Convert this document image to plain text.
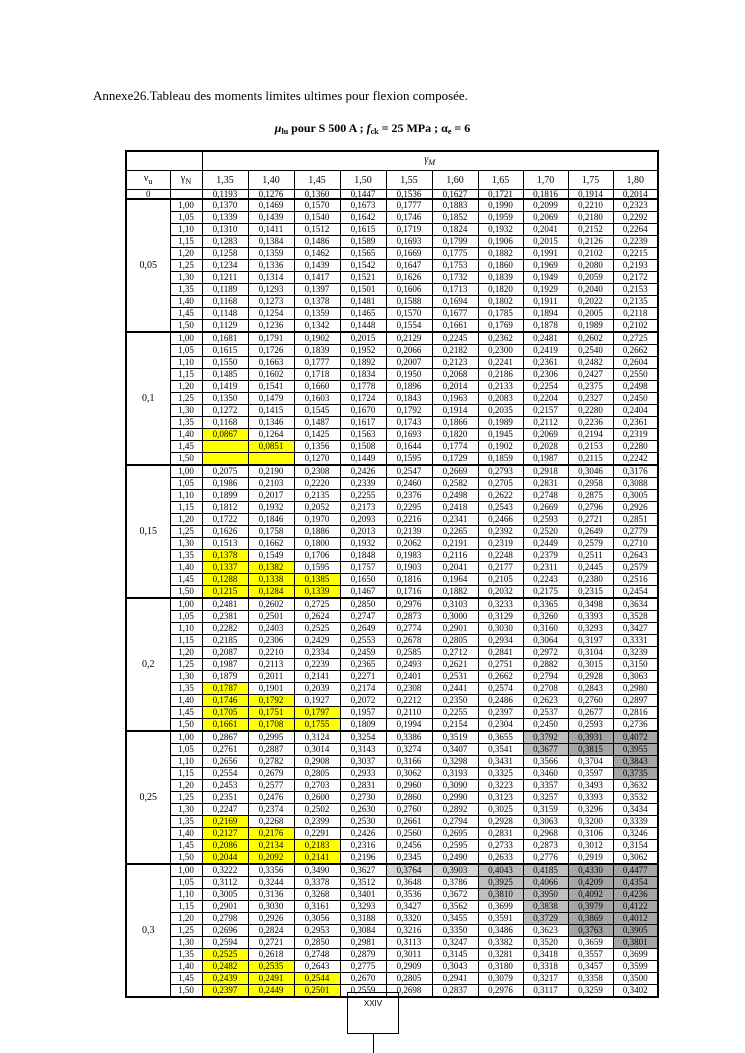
Annexe26.Tableau des moments limites ultimes pour flexion composée.
$\mu_{lu}$ pour S 500 A ; $f_{ck} = 25$ MPa ; $\alpha_e = 6$
		$\gamma_M$
$\nu_u$	$\gamma_N$	1,35	1,40	1,45	1,50	1,55	1,60	1,65	1,70	1,75	1,80
0		0,1193	0,1276	0,1360	0,1447	0,1536	0,1627	0,1721	0,1816	0,1914	0,2014
0,05	1,00	0,1370	0,1469	0,1570	0,1673	0,1777	0,1883	0,1990	0,2099	0,2210	0,2323
	1,05	0,1339	0,1439	0,1540	0,1642	0,1746	0,1852	0,1959	0,2069	0,2180	0,2292
	1,10	0,1310	0,1411	0,1512	0,1615	0,1719	0,1824	0,1932	0,2041	0,2152	0,2264
	1,15	0,1283	0,1384	0,1486	0,1589	0,1693	0,1799	0,1906	0,2015	0,2126	0,2239
	1,20	0,1258	0,1359	0,1462	0,1565	0,1669	0,1775	0,1882	0,1991	0,2102	0,2215
	1,25	0,1234	0,1336	0,1439	0,1542	0,1647	0,1753	0,1860	0,1969	0,2080	0,2193
	1,30	0,1211	0,1314	0,1417	0,1521	0,1626	0,1732	0,1839	0,1949	0,2059	0,2172
	1,35	0,1189	0,1293	0,1397	0,1501	0,1606	0,1713	0,1820	0,1929	0,2040	0,2153
	1,40	0,1168	0,1273	0,1378	0,1481	0,1588	0,1694	0,1802	0,1911	0,2022	0,2135
	1,45	0,1148	0,1254	0,1359	0,1465	0,1570	0,1677	0,1785	0,1894	0,2005	0,2118
	1,50	0,1129	0,1236	0,1342	0,1448	0,1554	0,1661	0,1769	0,1878	0,1989	0,2102
0,1	1,00	0,1681	0,1791	0,1902	0,2015	0,2129	0,2245	0,2362	0,2481	0,2602	0,2725
	1,05	0,1615	0,1726	0,1839	0,1952	0,2066	0,2182	0,2300	0,2419	0,2540	0,2662
	1,10	0,1550	0,1663	0,1777	0,1892	0,2007	0,2123	0,2241	0,2361	0,2482	0,2604
	1,15	0,1485	0,1602	0,1718	0,1834	0,1950	0,2068	0,2186	0,2306	0,2427	0,2550
	1,20	0,1419	0,1541	0,1660	0,1778	0,1896	0,2014	0,2133	0,2254	0,2375	0,2498
	1,25	0,1350	0,1479	0,1603	0,1724	0,1843	0,1963	0,2083	0,2204	0,2327	0,2450
	1,30	0,1272	0,1415	0,1545	0,1670	0,1792	0,1914	0,2035	0,2157	0,2280	0,2404
	1,35	0,1168	0,1346	0,1487	0,1617	0,1743	0,1866	0,1989	0,2112	0,2236	0,2361
	1,40	0,0867	0,1264	0,1425	0,1563	0,1693	0,1820	0,1945	0,2069	0,2194	0,2319
	1,45		0,0851	0,1356	0,1508	0,1644	0,1774	0,1902	0,2028	0,2153	0,2280
	1,50			0,1270	0,1449	0,1595	0,1729	0,1859	0,1987	0,2115	0,2242
0,15	1,00	0,2075	0,2190	0,2308	0,2426	0,2547	0,2669	0,2793	0,2918	0,3046	0,3176
	1,05	0,1986	0,2103	0,2220	0,2339	0,2460	0,2582	0,2705	0,2831	0,2958	0,3088
	1,10	0,1899	0,2017	0,2135	0,2255	0,2376	0,2498	0,2622	0,2748	0,2875	0,3005
	1,15	0,1812	0,1932	0,2052	0,2173	0,2295	0,2418	0,2543	0,2669	0,2796	0,2926
	1,20	0,1722	0,1846	0,1970	0,2093	0,2216	0,2341	0,2466	0,2593	0,2721	0,2851
	1,25	0,1626	0,1758	0,1886	0,2013	0,2139	0,2265	0,2392	0,2520	0,2649	0,2779
	1,30	0,1513	0,1662	0,1800	0,1932	0,2062	0,2191	0,2319	0,2449	0,2579	0,2710
	1,35	0,1378	0,1549	0,1706	0,1848	0,1983	0,2116	0,2248	0,2379	0,2511	0,2643
	1,40	0,1337	0,1382	0,1595	0,1757	0,1903	0,2041	0,2177	0,2311	0,2445	0,2579
	1,45	0,1288	0,1338	0,1385	0,1650	0,1816	0,1964	0,2105	0,2243	0,2380	0,2516
	1,50	0,1215	0,1284	0,1339	0,1467	0,1716	0,1882	0,2032	0,2175	0,2315	0,2454
0,2	1,00	0,2481	0,2602	0,2725	0,2850	0,2976	0,3103	0,3233	0,3365	0,3498	0,3634
	1,05	0,2381	0,2501	0,2624	0,2747	0,2873	0,3000	0,3129	0,3260	0,3393	0,3528
	1,10	0,2282	0,2403	0,2525	0,2649	0,2774	0,2901	0,3030	0,3160	0,3293	0,3427
	1,15	0,2185	0,2306	0,2429	0,2553	0,2678	0,2805	0,2934	0,3064	0,3197	0,3331
	1,20	0,2087	0,2210	0,2334	0,2459	0,2585	0,2712	0,2841	0,2972	0,3104	0,3239
	1,25	0,1987	0,2113	0,2239	0,2365	0,2493	0,2621	0,2751	0,2882	0,3015	0,3150
	1,30	0,1879	0,2011	0,2141	0,2271	0,2401	0,2531	0,2662	0,2794	0,2928	0,3063
	1,35	0,1787	0,1901	0,2039	0,2174	0,2308	0,2441	0,2574	0,2708	0,2843	0,2980
	1,40	0,1746	0,1792	0,1927	0,2072	0,2212	0,2350	0,2486	0,2623	0,2760	0,2897
	1,45	0,1705	0,1751	0,1797	0,1957	0,2110	0,2255	0,2397	0,2537	0,2677	0,2816
	1,50	0,1661	0,1708	0,1755	0,1809	0,1994	0,2154	0,2304	0,2450	0,2593	0,2736
0,25	1,00	0,2867	0,2995	0,3124	0,3254	0,3386	0,3519	0,3655	0,3792	0,3931	0,4072
	1,05	0,2761	0,2887	0,3014	0,3143	0,3274	0,3407	0,3541	0,3677	0,3815	0,3955
	1,10	0,2656	0,2782	0,2908	0,3037	0,3166	0,3298	0,3431	0,3566	0,3704	0,3843
	1,15	0,2554	0,2679	0,2805	0,2933	0,3062	0,3193	0,3325	0,3460	0,3597	0,3735
	1,20	0,2453	0,2577	0,2703	0,2831	0,2960	0,3090	0,3223	0,3357	0,3493	0,3632
	1,25	0,2351	0,2476	0,2600	0,2730	0,2860	0,2990	0,3123	0,3257	0,3393	0,3532
	1,30	0,2247	0,2374	0,2502	0,2630	0,2760	0,2892	0,3025	0,3159	0,3296	0,3434
	1,35	0,2169	0,2268	0,2399	0,2530	0,2661	0,2794	0,2928	0,3063	0,3200	0,3339
	1,40	0,2127	0,2176	0,2291	0,2426	0,2560	0,2695	0,2831	0,2968	0,3106	0,3246
	1,45	0,2086	0,2134	0,2183	0,2316	0,2456	0,2595	0,2733	0,2873	0,3012	0,3154
	1,50	0,2044	0,2092	0,2141	0,2196	0,2345	0,2490	0,2633	0,2776	0,2919	0,3062
0,3	1,00	0,3222	0,3356	0,3490	0,3627	0,3764	0,3903	0,4043	0,4185	0,4330	0,4477
	1,05	0,3112	0,3244	0,3378	0,3512	0,3648	0,3786	0,3925	0,4066	0,4209	0,4354
	1,10	0,3005	0,3136	0,3268	0,3401	0,3536	0,3672	0,3810	0,3950	0,4092	0,4236
	1,15	0,2901	0,3030	0,3161	0,3293	0,3427	0,3562	0,3699	0,3838	0,3979	0,4122
	1,20	0,2798	0,2926	0,3056	0,3188	0,3320	0,3455	0,3591	0,3729	0,3869	0,4012
	1,25	0,2696	0,2824	0,2953	0,3084	0,3216	0,3350	0,3486	0,3623	0,3763	0,3905
	1,30	0,2594	0,2721	0,2850	0,2981	0,3113	0,3247	0,3382	0,3520	0,3659	0,3801
	1,35	0,2525	0,2618	0,2748	0,2879	0,3011	0,3145	0,3281	0,3418	0,3557	0,3699
	1,40	0,2482	0,2535	0,2643	0,2775	0,2909	0,3043	0,3180	0,3318	0,3457	0,3599
	1,45	0,2439	0,2491	0,2544	0,2670	0,2805	0,2941	0,3079	0,3217	0,3358	0,3500
	1,50	0,2397	0,2449	0,2501	0,2559	0,2698	0,2837	0,2976	0,3117	0,3259	0,3402
XXIV
